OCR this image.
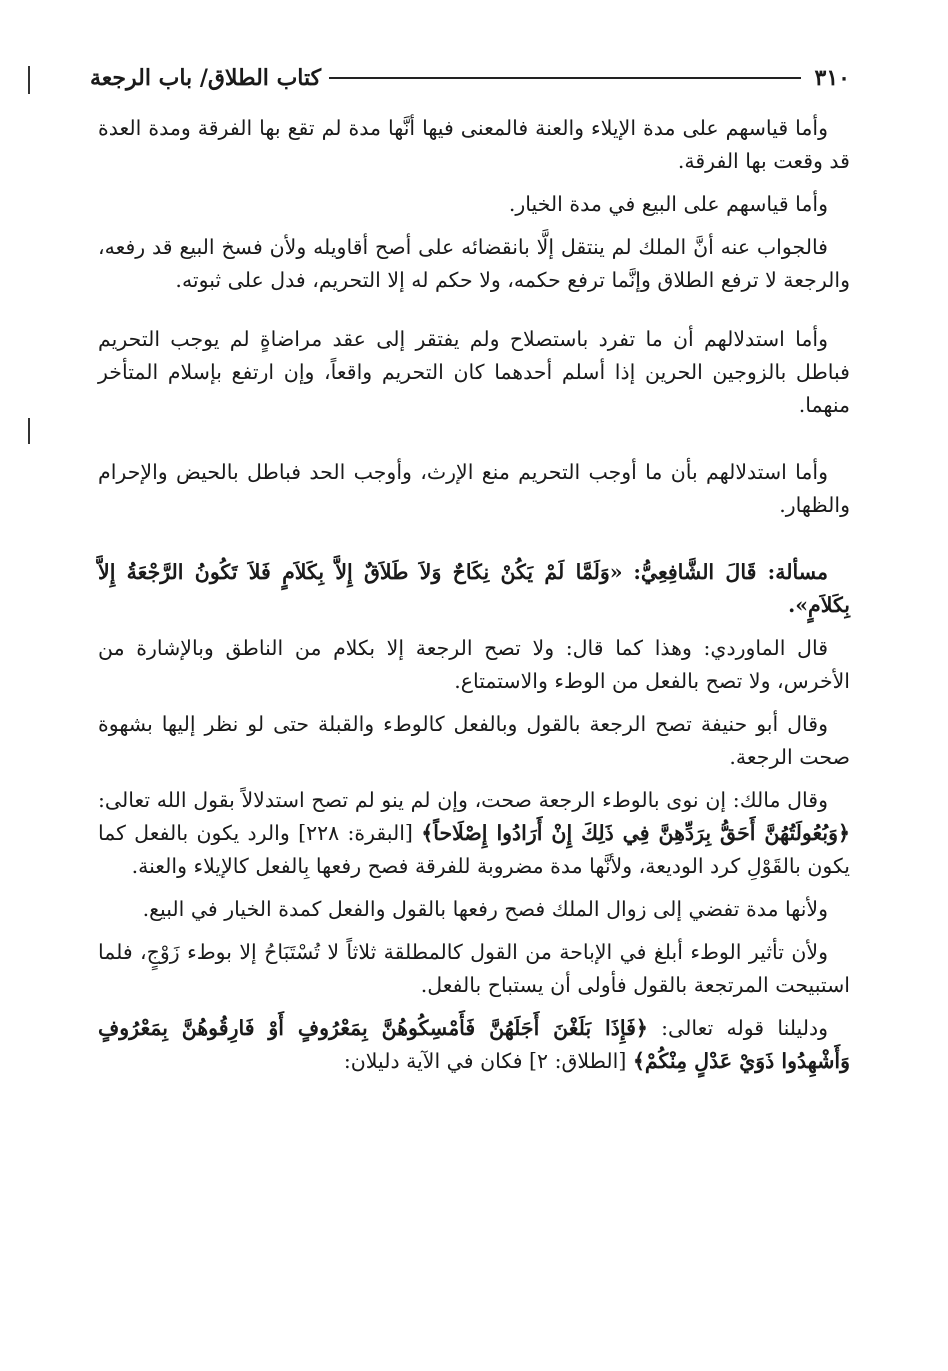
٣١٠
كتاب الطلاق/ باب الرجعة

وأما قياسهم على مدة الإيلاء والعنة فالمعنى فيها أنَّها مدة لم تقع بها الفرقة ومدة العدة قد وقعت بها الفرقة.

وأما قياسهم على البيع في مدة الخيار.

فالجواب عنه أنَّ الملك لم ينتقل إلَّا بانقضائه على أصح أقاويله ولأن فسخ البيع قد رفعه، والرجعة لا ترفع الطلاق وإنَّما ترفع حكمه، ولا حكم له إلا التحريم، فدل على ثبوته.

وأما استدلالهم أن ما تفرد باستصلاح ولم يفتقر إلى عقد مراضاةٍ لم يوجب التحريم فباطل بالزوجين الحرين إذا أسلم أحدهما كان التحريم واقعاً، وإن ارتفع بإسلام المتأخر منهما.

وأما استدلالهم بأن ما أوجب التحريم منع الإرث، وأوجب الحد فباطل بالحيض والإحرام والظهار.

مسألة: قَالَ الشَّافِعِيُّ: «وَلَمَّا لَمْ يَكُنْ نِكَاحٌ وَلاَ طَلاَقٌ إِلاَّ بِكَلاَمٍ فَلاَ تَكُونُ الرَّجْعَةُ إِلاَّ بِكَلاَمٍ».

قال الماوردي: وهذا كما قال: ولا تصح الرجعة إلا بكلام من الناطق وبالإشارة من الأخرس، ولا تصح بالفعل من الوطء والاستمتاع.

وقال أبو حنيفة تصح الرجعة بالقول وبالفعل كالوطء والقبلة حتى لو نظر إليها بشهوة صحت الرجعة.

وقال مالك: إن نوى بالوطء الرجعة صحت، وإن لم ينو لم تصح استدلالاً بقول الله تعالى: ﴿وَبُعُولَتُهُنَّ أَحَقُّ بِرَدِّهِنَّ فِي ذَلِكَ إِنْ أَرَادُوا إِصْلَاحاً﴾ [البقرة: ٢٢٨] والرد يكون بالفعل كما يكون بالقَوْلِ كرد الوديعة، ولأنَّها مدة مضروبة للفرقة فصح رفعها بِالفعل كالإيلاء والعنة.

ولأنها مدة تفضي إلى زوال الملك فصح رفعها بالقول والفعل كمدة الخيار في البيع.

ولأن تأثير الوطء أبلغ في الإباحة من القول كالمطلقة ثلاثاً لا تُسْتَبَاحُ إلا بوطء زَوْجٍ، فلما استبيحت المرتجعة بالقول فأولى أن يستباح بالفعل.

ودليلنا قوله تعالى: ﴿فَإِذَا بَلَغْنَ أَجَلَهُنَّ فَأَمْسِكُوهُنَّ بِمَعْرُوفٍ أَوْ فَارِقُوهُنَّ بِمَعْرُوفٍ وَأَشْهِدُوا ذَوَيْ عَدْلٍ مِنْكُمْ﴾ [الطلاق: ٢] فكان في الآية دليلان:
